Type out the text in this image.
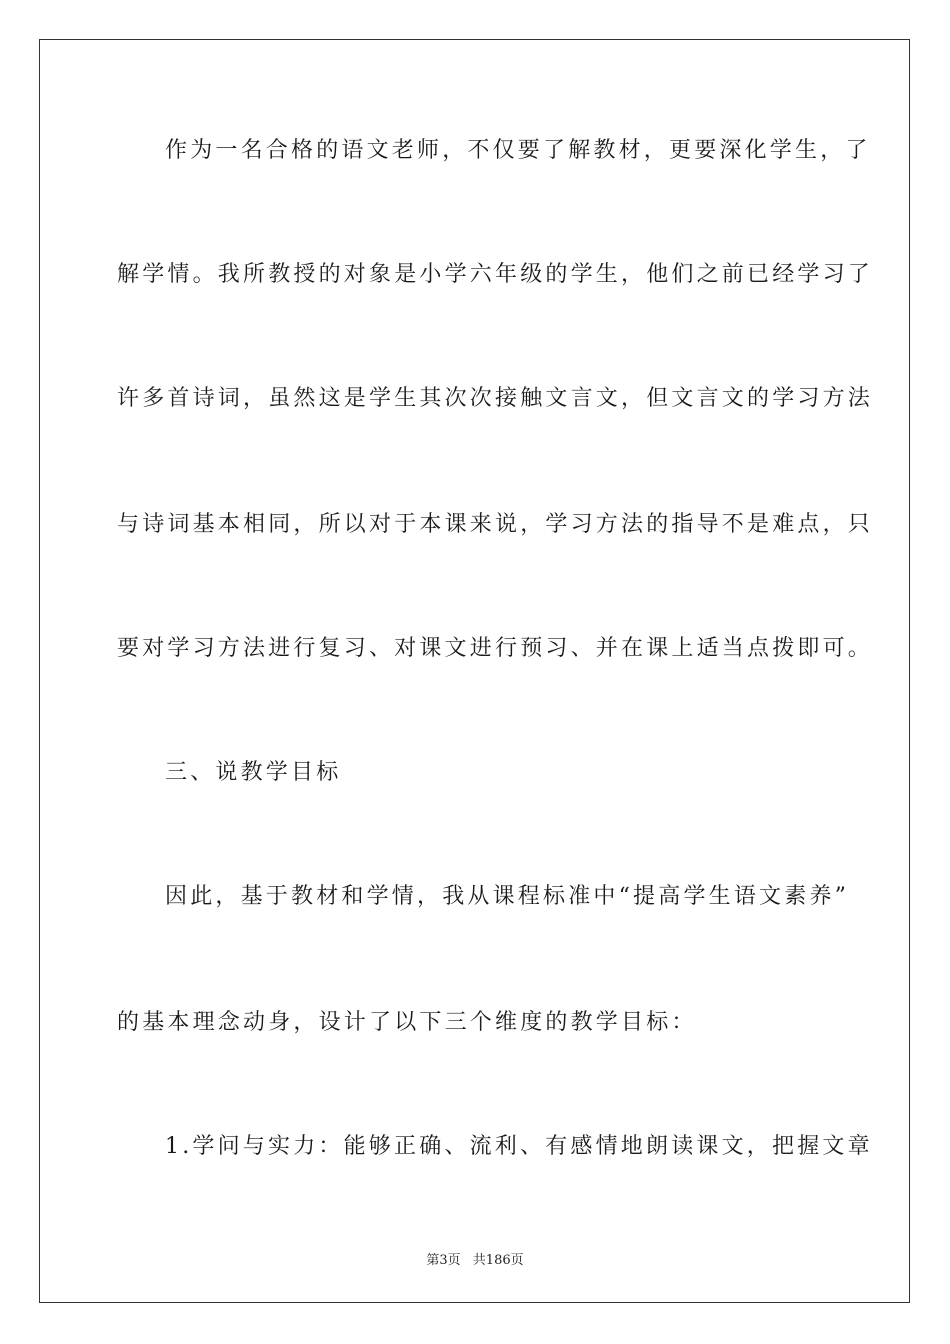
作为一名合格的语文老师，不仅要了解教材，更要深化学生，了
解学情。我所教授的对象是小学六年级的学生，他们之前已经学习了
许多首诗词，虽然这是学生其次次接触文言文，但文言文的学习方法
与诗词基本相同，所以对于本课来说，学习方法的指导不是难点，只
要对学习方法进行复习、对课文进行预习、并在课上适当点拨即可。
三、说教学目标
因此，基于教材和学情，我从课程标准中“提高学生语文素养”
的基本理念动身，设计了以下三个维度的教学目标：
1.学问与实力：能够正确、流利、有感情地朗读课文，把握文章
第3页 共186页
